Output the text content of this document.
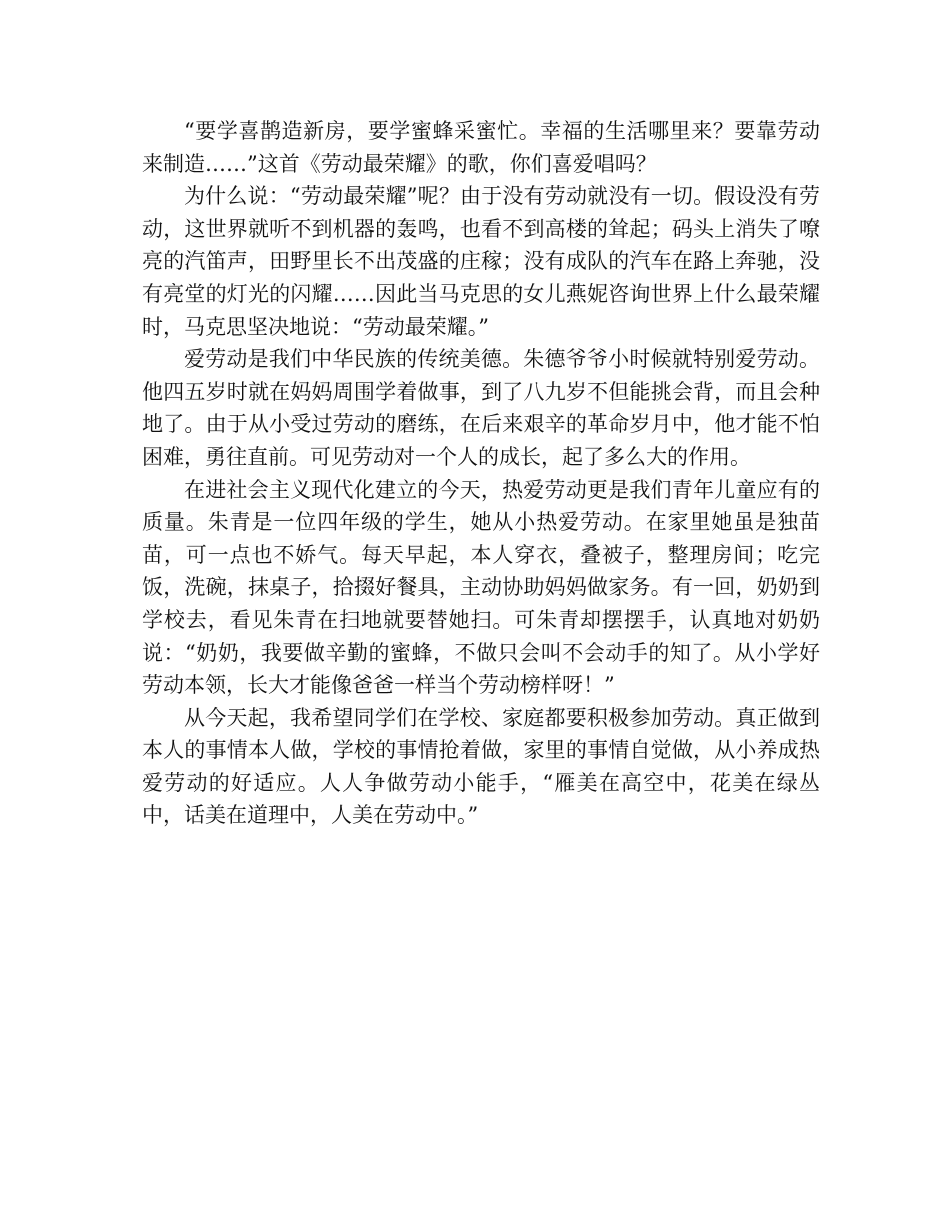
“要学喜鹊造新房，要学蜜蜂采蜜忙。幸福的生活哪里来？要靠劳动来制造……”这首《劳动最荣耀》的歌，你们喜爱唱吗？

为什么说：“劳动最荣耀”呢？由于没有劳动就没有一切。假设没有劳动，这世界就听不到机器的轰鸣，也看不到高楼的耸起；码头上消失了嘹亮的汽笛声，田野里长不出茂盛的庄稼；没有成队的汽车在路上奔驰，没有亮堂的灯光的闪耀……因此当马克思的女儿燕妮咨询世界上什么最荣耀时，马克思坚决地说：“劳动最荣耀。”

爱劳动是我们中华民族的传统美德。朱德爷爷小时候就特别爱劳动。他四五岁时就在妈妈周围学着做事，到了八九岁不但能挑会背，而且会种地了。由于从小受过劳动的磨练，在后来艰辛的革命岁月中，他才能不怕困难，勇往直前。可见劳动对一个人的成长，起了多么大的作用。

在进社会主义现代化建立的今天，热爱劳动更是我们青年儿童应有的质量。朱青是一位四年级的学生，她从小热爱劳动。在家里她虽是独苗苗，可一点也不娇气。每天早起，本人穿衣，叠被子，整理房间；吃完饭，洗碗，抹桌子，拾掇好餐具，主动协助妈妈做家务。有一回，奶奶到学校去，看见朱青在扫地就要替她扫。可朱青却摆摆手，认真地对奶奶说：“奶奶，我要做辛勤的蜜蜂，不做只会叫不会动手的知了。从小学好劳动本领，长大才能像爸爸一样当个劳动榜样呀！”

从今天起，我希望同学们在学校、家庭都要积极参加劳动。真正做到本人的事情本人做，学校的事情抢着做，家里的事情自觉做，从小养成热爱劳动的好适应。人人争做劳动小能手，“雁美在高空中，花美在绿丛中，话美在道理中，人美在劳动中。”
